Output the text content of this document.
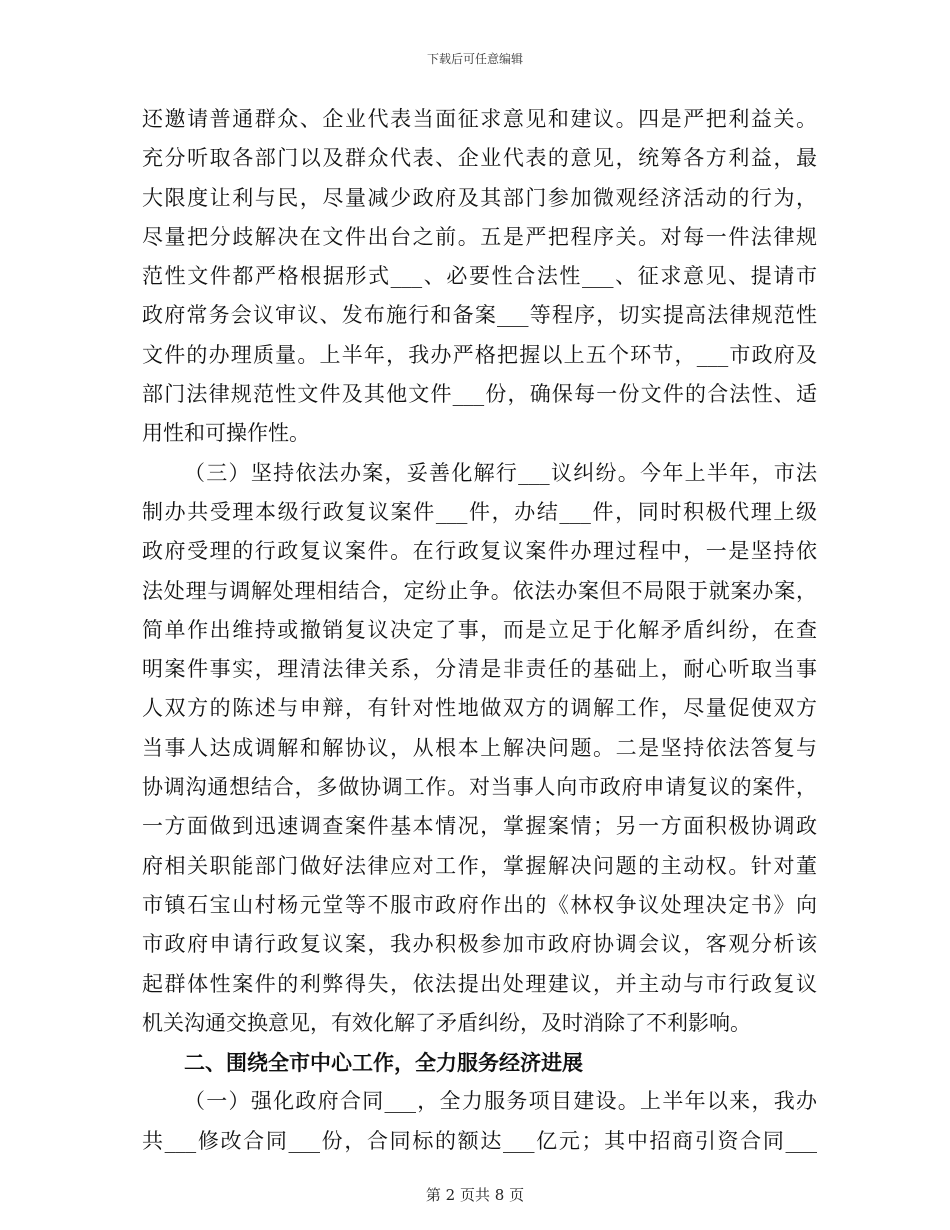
下载后可任意编辑
还邀请普通群众、企业代表当面征求意见和建议。四是严把利益关。
充分听取各部门以及群众代表、企业代表的意见，统筹各方利益，最
大限度让利与民，尽量减少政府及其部门参加微观经济活动的行为，
尽量把分歧解决在文件出台之前。五是严把程序关。对每一件法律规
范性文件都严格根据形式___、必要性合法性___、征求意见、提请市
政府常务会议审议、发布施行和备案___等程序，切实提高法律规范性
文件的办理质量。上半年，我办严格把握以上五个环节，___市政府及
部门法律规范性文件及其他文件___份，确保每一份文件的合法性、适
用性和可操作性。
（三）坚持依法办案，妥善化解行___议纠纷。今年上半年，市法
制办共受理本级行政复议案件___件，办结___件，同时积极代理上级
政府受理的行政复议案件。在行政复议案件办理过程中，一是坚持依
法处理与调解处理相结合，定纷止争。依法办案但不局限于就案办案，
简单作出维持或撤销复议决定了事，而是立足于化解矛盾纠纷，在查
明案件事实，理清法律关系，分清是非责任的基础上，耐心听取当事
人双方的陈述与申辩，有针对性地做双方的调解工作，尽量促使双方
当事人达成调解和解协议，从根本上解决问题。二是坚持依法答复与
协调沟通想结合，多做协调工作。对当事人向市政府申请复议的案件，
一方面做到迅速调查案件基本情况，掌握案情；另一方面积极协调政
府相关职能部门做好法律应对工作，掌握解决问题的主动权。针对董
市镇石宝山村杨元堂等不服市政府作出的《林权争议处理决定书》向
市政府申请行政复议案，我办积极参加市政府协调会议，客观分析该
起群体性案件的利弊得失，依法提出处理建议，并主动与市行政复议
机关沟通交换意见，有效化解了矛盾纠纷，及时消除了不利影响。
二、围绕全市中心工作，全力服务经济进展
（一）强化政府合同___，全力服务项目建设。上半年以来，我办
共___修改合同___份，合同标的额达___亿元；其中招商引资合同___
第 2 页共 8 页
